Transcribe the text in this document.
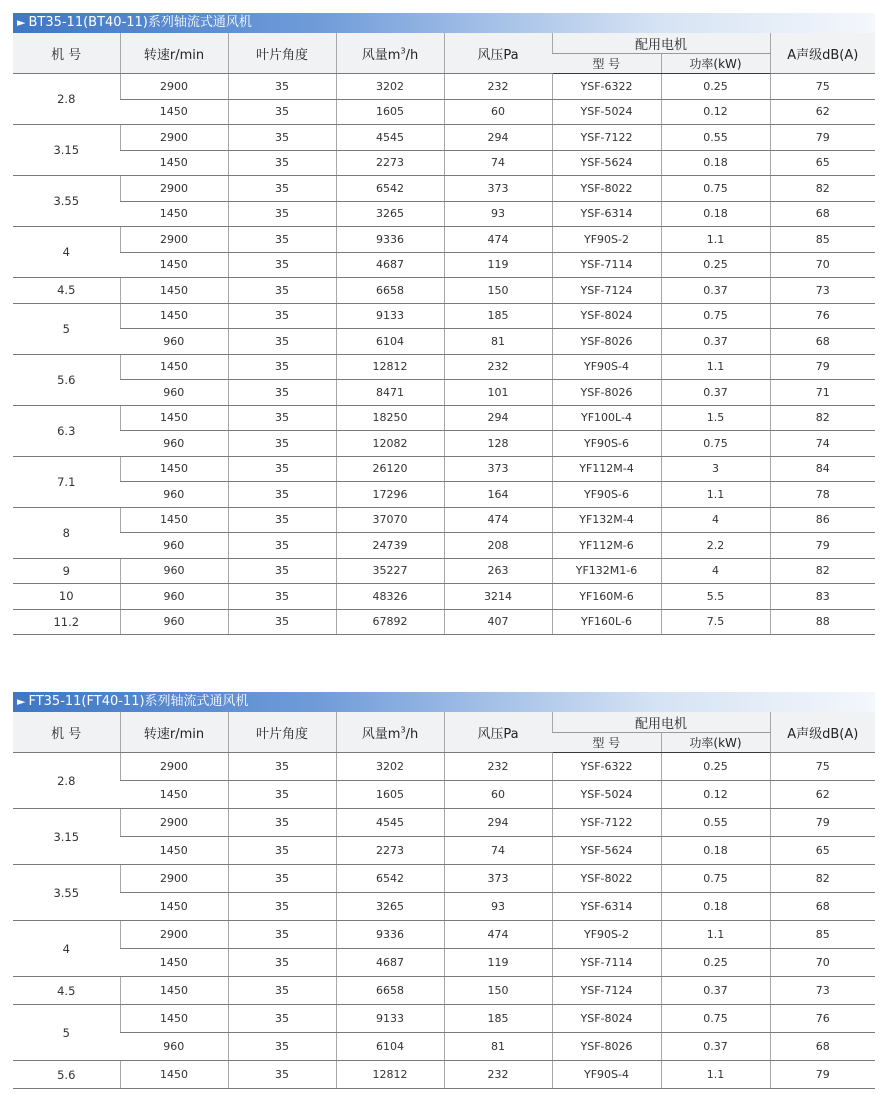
► BT35-11(BT40-11)系列轴流式通风机
机 号	转速r/min	叶片角度	风量$m^3/h$	风压Pa	配用电机		A声级dB(A)
					型 号	功率(kW)	
2.8	2900	35	3202	232	YSF-6322	0.25	75
	1450	35	1605	60	YSF-5024	0.12	62
3.15	2900	35	4545	294	YSF-7122	0.55	79
	1450	35	2273	74	YSF-5624	0.18	65
3.55	2900	35	6542	373	YSF-8022	0.75	82
	1450	35	3265	93	YSF-6314	0.18	68
4	2900	35	9336	474	YF90S-2	1.1	85
	1450	35	4687	119	YSF-7114	0.25	70
4.5	1450	35	6658	150	YSF-7124	0.37	73
5	1450	35	9133	185	YSF-8024	0.75	76
	960	35	6104	81	YSF-8026	0.37	68
5.6	1450	35	12812	232	YF90S-4	1.1	79
	960	35	8471	101	YSF-8026	0.37	71
6.3	1450	35	18250	294	YF100L-4	1.5	82
	960	35	12082	128	YF90S-6	0.75	74
7.1	1450	35	26120	373	YF112M-4	3	84
	960	35	17296	164	YF90S-6	1.1	78
8	1450	35	37070	474	YF132M-4	4	86
	960	35	24739	208	YF112M-6	2.2	79
9	960	35	35227	263	YF132M1-6	4	82
10	960	35	48326	3214	YF160M-6	5.5	83
11.2	960	35	67892	407	YF160L-6	7.5	88
► FT35-11(FT40-11)系列轴流式通风机
机 号	转速r/min	叶片角度	风量$m^3/h$	风压Pa	配用电机		A声级dB(A)
					型 号	功率(kW)	
2.8	2900	35	3202	232	YSF-6322	0.25	75
	1450	35	1605	60	YSF-5024	0.12	62
3.15	2900	35	4545	294	YSF-7122	0.55	79
	1450	35	2273	74	YSF-5624	0.18	65
3.55	2900	35	6542	373	YSF-8022	0.75	82
	1450	35	3265	93	YSF-6314	0.18	68
4	2900	35	9336	474	YF90S-2	1.1	85
	1450	35	4687	119	YSF-7114	0.25	70
4.5	1450	35	6658	150	YSF-7124	0.37	73
5	1450	35	9133	185	YSF-8024	0.75	76
	960	35	6104	81	YSF-8026	0.37	68
5.6	1450	35	12812	232	YF90S-4	1.1	79
